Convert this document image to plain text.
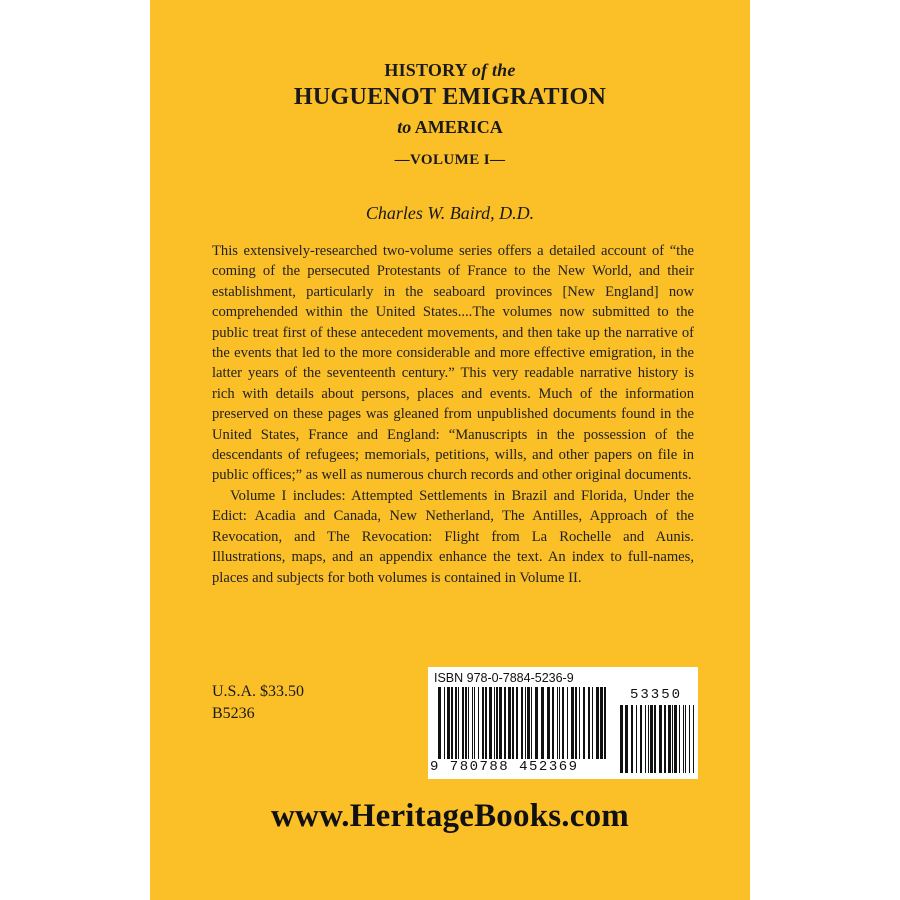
HISTORY of the
HUGUENOT EMIGRATION
to AMERICA
—VOLUME I—
Charles W. Baird, D.D.

This extensively-researched two-volume series offers a detailed account of “the coming of the persecuted Protestants of France to the New World, and their establishment, particularly in the seaboard provinces [New England] now comprehended within the United States....The volumes now submitted to the public treat first of these antecedent movements, and then take up the narrative of the events that led to the more considerable and more effective emigration, in the latter years of the seventeenth century.” This very readable narrative history is rich with details about persons, places and events. Much of the information preserved on these pages was gleaned from unpublished documents found in the United States, France and England: “Manuscripts in the possession of the descendants of refugees; memorials, petitions, wills, and other papers on file in public offices;” as well as numerous church records and other original documents.

Volume I includes: Attempted Settlements in Brazil and Florida, Under the Edict: Acadia and Canada, New Netherland, The Antilles, Approach of the Revocation, and The Revocation: Flight from La Rochelle and Aunis. Illustrations, maps, and an appendix enhance the text. An index to full-names, places and subjects for both volumes is contained in Volume II.

U.S.A. $33.50
B5236
ISBN 978-0-7884-5236-9
53350
9 780788 452369
www.HeritageBooks.com
